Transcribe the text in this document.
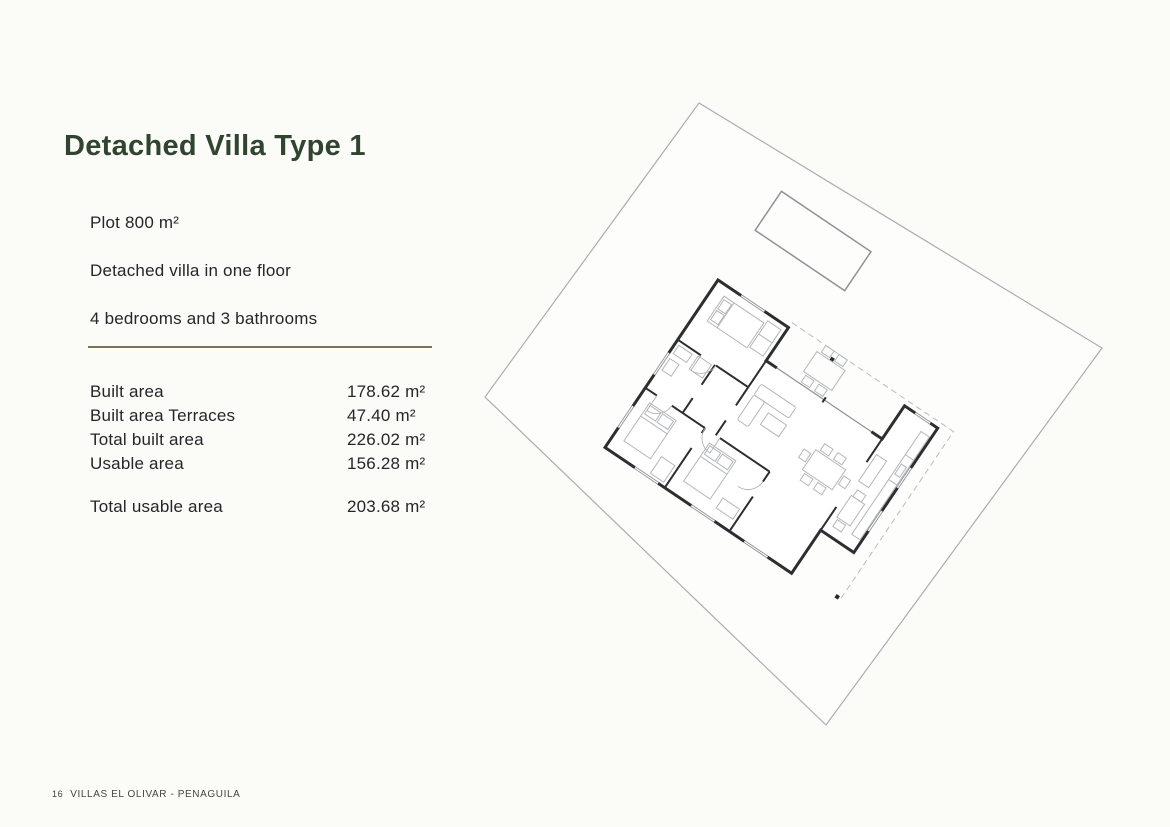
Detached Villa Type 1

Plot 800 m²

Detached villa in one floor

4 bedrooms and 3 bathrooms

Built area	178.62 m²
Built area Terraces	47.40 m²
Total built area	226.02 m²
Usable area	156.28 m²
Total usable area	203.68 m²
16 VILLAS EL OLIVAR - PENAGUILA
